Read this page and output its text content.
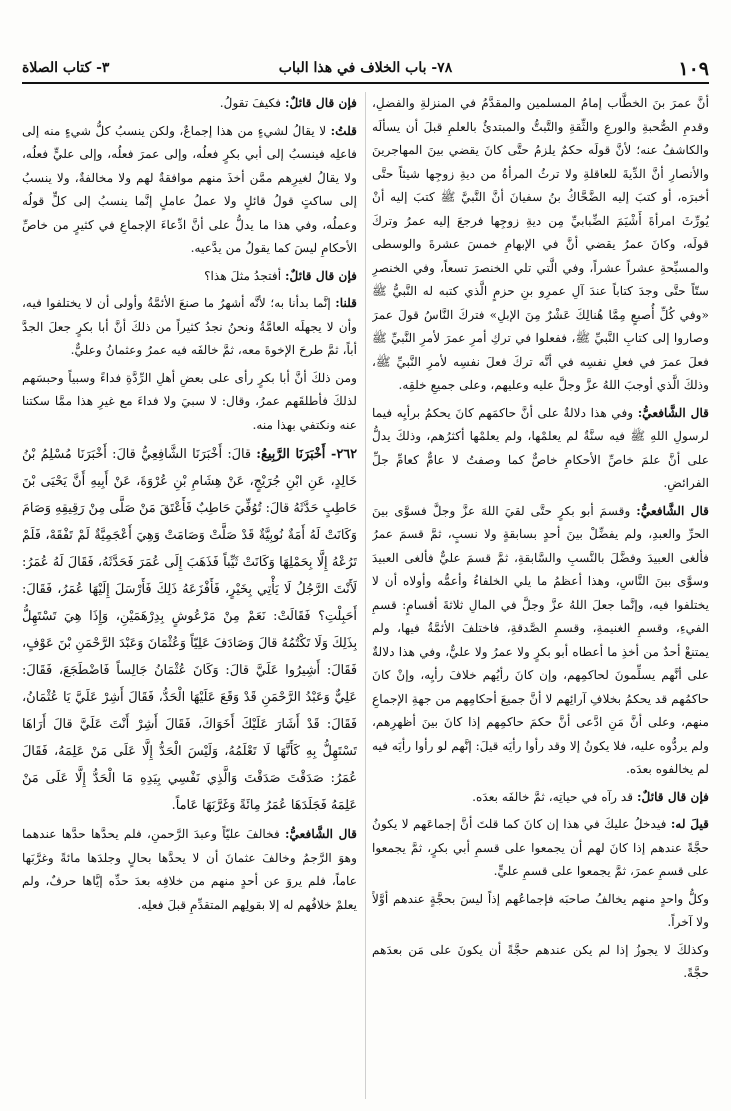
١٠٩
٧٨- باب الخلاف في هذا الباب
٣- كتاب الصلاة

أنَّ عمرَ بنَ الخطَّاب إمامُ المسلمين والمقدَّمُ في المنزلةِ والفضلِ، وقدمِ الصُّحبةِ والورعِ والثِّقةِ والتَّبتُّ والمبتدئُ بالعلمِ قبلَ أن يسألَه والكاشفُ عنه؛ لأنَّ قولَه حكمٌ يلزمُ حتَّى كانَ يقضي بينَ المهاجرينَ والأنصارِ أنَّ الدِّيةَ للعاقلةِ ولا ترثُ المرأةُ من ديةِ زوجِها شيئاً حتَّى أخبرَه، أو كتبَ إليه الضَّحَّاكُ بنُ سفيانَ أنَّ النَّبيَّ ﷺ كتبَ إليه أنْ يُورِّثَ امرأةَ أَشْيَمَ الضِّبابيِّ مِن ديةِ زوجِها فرجعَ إليه عمرُ وتركَ قولَه، وكانَ عمرُ يقضي أنَّ في الإبهامِ خمسَ عشرةَ والوسطى والمسبِّحةِ عشراً عشراً، وفي الَّتي تلي الخنصرَ تسعاً، وفي الخنصرِ ستّاً حتَّى وجدَ كتاباً عندَ آلِ عمرِو بنِ حزمٍ الَّذي كتبه له النَّبيُّ ﷺ «وفي كُلِّ أُصبعٍ مِمَّا هُنالِكَ عَشْرٌ مِنَ الإبلِ» فتركَ النَّاسُ قولَ عمرَ وصاروا إلى كتابِ النَّبيِّ ﷺ، ففعلوا في تركِ أمرِ عمرَ لأمرِ النَّبيِّ ﷺ فعلَ عمرَ في فعلِ نفسِه في أنَّه تركَ فعلَ نفسِه لأمرِ النَّبيِّ ﷺ، وذلكَ الَّذي أوجبَ اللهُ عزَّ وجلَّ عليه وعليهم، وعلى جميعِ خلقِه.

قال الشَّافعيُّ: وفي هذا دلالةٌ على أنَّ حاكمَهم كانَ يحكمُ برأيِه فيما لرسولِ اللهِ ﷺ فيه سنَّةٌ لم يعلمْها، ولم يعلمْها أكثرُهم، وذلكَ يدلُّ على أنَّ علمَ خاصِّ الأحكامِ خاصٌّ كما وصفتُ لا عامٌّ كعامِّ جلِّ الفرائضِ.

قال الشَّافعيُّ: وقسمَ أبو بكرٍ حتَّى لقيَ اللهَ عزَّ وجلَّ فسوَّى بينَ الحرِّ والعبدِ، ولم يفضِّلْ بينَ أحدٍ بسابقةٍ ولا نسبٍ، ثمَّ قسمَ عمرُ فألغى العبيدَ وفضَّلَ بالنَّسبِ والسَّابقةِ، ثمَّ قسمَ عليٌّ فألغى العبيدَ وسوَّى بينَ النَّاسِ، وهذا أعظمُ ما يلي الخلفاءُ وأعمُّه وأولاه أن لا يختلفوا فيه، وإنَّما جعلَ اللهُ عزَّ وجلَّ في المالِ ثلاثةَ أقسامٍ: قسمِ الفيءِ، وقسمِ الغنيمةِ، وقسمِ الصَّدقةِ، فاختلفَ الأئمَّةُ فيها، ولم يمتنعْ أحدٌ من أخذِ ما أعطاه أبو بكرٍ ولا عمرُ ولا عليٌّ، وفي هذا دلالةٌ على أنَّهم يسلِّمونَ لحاكمِهم، وإن كانَ رأيُهم خلافَ رأيِه، وإنْ كانَ حاكمُهم قد يحكمُ بخلافِ آرائِهم لا أنَّ جميعَ أحكامِهم من جهةِ الإجماعِ منهم، وعلى أنَّ مَنِ ادَّعى أنَّ حكمَ حاكمِهم إذا كانَ بينَ أظهرِهم، ولم يردُّوه عليه، فلا يكونُ إلا وقد رأوا رأيَه قيلَ: إنَّهم لو رأوا رأيَه فيه لم يخالفوه بعدَه.

فإن قال قائلٌ: قد رآه في حياتِه، ثمَّ خالفَه بعدَه.

قيلَ له: فيدخلُ عليكَ في هذا إن كانَ كما قلتَ أنَّ إجماعَهم لا يكونُ حجَّةً عندهم إذا كانَ لهم أن يجمعوا على قسمِ أبي بكرٍ، ثمَّ يجمعوا على قسمِ عمرَ، ثمَّ يجمعوا على قسمِ عليٍّ.

وكلُّ واحدٍ منهم يخالفُ صاحبَه فإجماعُهم إذاً ليسَ بحجَّةٍ عندهم أوَّلاً ولا آخراً.

وكذلكَ لا يجوزُ إذا لم يكن عندهم حجَّةً أن يكونَ على مَن بعدَهم حجَّةً.

فإن قال قائلٌ: فكيفَ تقولُ.

قلتُ: لا يقالُ لشيءٍ من هذا إجماعٌ، ولكن ينسبُ كلُّ شيءٍ منه إلى فاعلِه فينسبُ إلى أبي بكرٍ فعلُه، وإلى عمرَ فعلُه، وإلى عليٍّ فعلُه، ولا يقالُ لغيرِهم ممَّن أخذَ منهم موافقةٌ لهم ولا مخالفةٌ، ولا ينسبُ إلى ساكتٍ قولُ قائلٍ ولا عملُ عاملٍ إنَّما ينسبُ إلى كلٍّ قولُه وعملُه، وفي هذا ما يدلُّ على أنَّ ادِّعاءَ الإجماعِ في كثيرٍ من خاصِّ الأحكامِ ليسَ كما يقولُ من يدَّعيه.

فإن قال قائلٌ: أفتجدُ مثلَ هذا؟

قلنا: إنَّما بدأنا به؛ لأنَّه أشهرُ ما صنعَ الأئمَّةُ وأولى أن لا يختلفوا فيه، وأن لا يجهلَه العامَّةُ ونحنُ نجدُ كثيراً من ذلكَ أنَّ أبا بكرٍ جعلَ الجدَّ أباً، ثمَّ طرحَ الإخوةَ معه، ثمَّ خالفَه فيه عمرُ وعثمانُ وعليٌّ.

ومن ذلكَ أنَّ أبا بكرٍ رأى على بعضِ أهلِ الرِّدَّةِ فداءً وسبياً وحبسَهم لذلكَ فأطلقَهم عمرُ، وقال: لا سبيَ ولا فداءَ مع غيرِ هذا ممَّا سكتنا عنه ونكتفي بهذا منه.

٢٦٢- أَخْبَرَنَا الرَّبِيعُ: قالَ: أَخْبَرَنَا الشَّافِعِيُّ قالَ: أَخْبَرَنَا مُسْلِمُ بْنُ خَالِدٍ، عَنِ ابْنِ جُرَيْجٍ، عَنْ هِشَامِ بْنِ عُرْوَةَ، عَنْ أَبِيهِ أَنَّ يَحْيَى بْنَ حَاطِبٍ حَدَّثَهُ قالَ: تُوُفِّيَ حَاطِبٌ فَأَعْتَقَ مَنْ صَلَّى مِنْ رَقِيقِهِ وَصَامَ وَكَانَتْ لَهُ أَمَةٌ نُوبِيَّةٌ قَدْ صَلَّتْ وَصَامَتْ وَهِيَ أَعْجَمِيَّةٌ لَمْ تَفْقَهْ، فَلَمْ تَرُعْهُ إِلَّا بِحَمْلِهَا وَكَانَتْ ثَيِّباً فَذَهَبَ إِلَى عُمَرَ فَحَدَّثَهُ، فَقَالَ لَهُ عُمَرُ: لَأَنْتَ الرَّجُلُ لَا يَأْتِي بِخَيْرٍ، فَأَفْزَعَهُ ذَلِكَ فَأَرْسَلَ إِلَيْهَا عُمَرُ، فَقَالَ: أَحَبِلْتِ؟ فَقَالَتْ: نَعَمْ مِنْ مَرْعُوشٍ بِدِرْهَمَيْنِ، وَإِذَا هِيَ تَسْتَهِلُّ بِذَلِكَ وَلَا تَكْتُمُهُ قالَ وَصَادَفَ عَلِيّاً وَعُثْمَانَ وَعَبْدَ الرَّحْمَنِ بْنَ عَوْفٍ، فَقَالَ: أَشِيرُوا عَلَيَّ قالَ: وَكَانَ عُثْمَانُ جَالِساً فَاضْطَجَعَ، فَقَالَ: عَلِيٌّ وَعَبْدُ الرَّحْمَنِ قَدْ وَقَعَ عَلَيْهَا الْحَدُّ، فَقَالَ أَشِرْ عَلَيَّ يَا عُثْمَانُ، فَقَالَ: قَدْ أَشَارَ عَلَيْكَ أَخَوَاكَ، فَقَالَ أَشِرْ أَنْتَ عَلَيَّ قالَ أَرَاهَا تَسْتَهِلُّ بِهِ كَأَنَّهَا لَا تَعْلَمُهُ، وَلَيْسَ الْحَدُّ إِلَّا عَلَى مَنْ عَلِمَهُ، فَقَالَ عُمَرُ: صَدَقْتَ صَدَقْتَ وَالَّذِي نَفْسِي بِيَدِهِ مَا الْحَدُّ إِلَّا عَلَى مَنْ عَلِمَهُ فَجَلَدَهَا عُمَرُ مِائَةً وَغَرَّبَهَا عَاماً.

قال الشَّافعيُّ: فخالفَ عليّاً وعبدَ الرَّحمنِ، فلم يحدَّها حدَّها عندهما وهوَ الرَّجمُ وخالفَ عثمانَ أن لا يحدَّها بحالٍ وجلدَها مائةً وغرَّبَها عاماً، فلم يروَ عن أحدٍ منهم من خلافِه بعدَ حدِّه إيَّاها حرفٌ، ولم يعلمْ خلافُهم له إلا بقولِهم المتقدِّمِ قبلَ فعلِه.
